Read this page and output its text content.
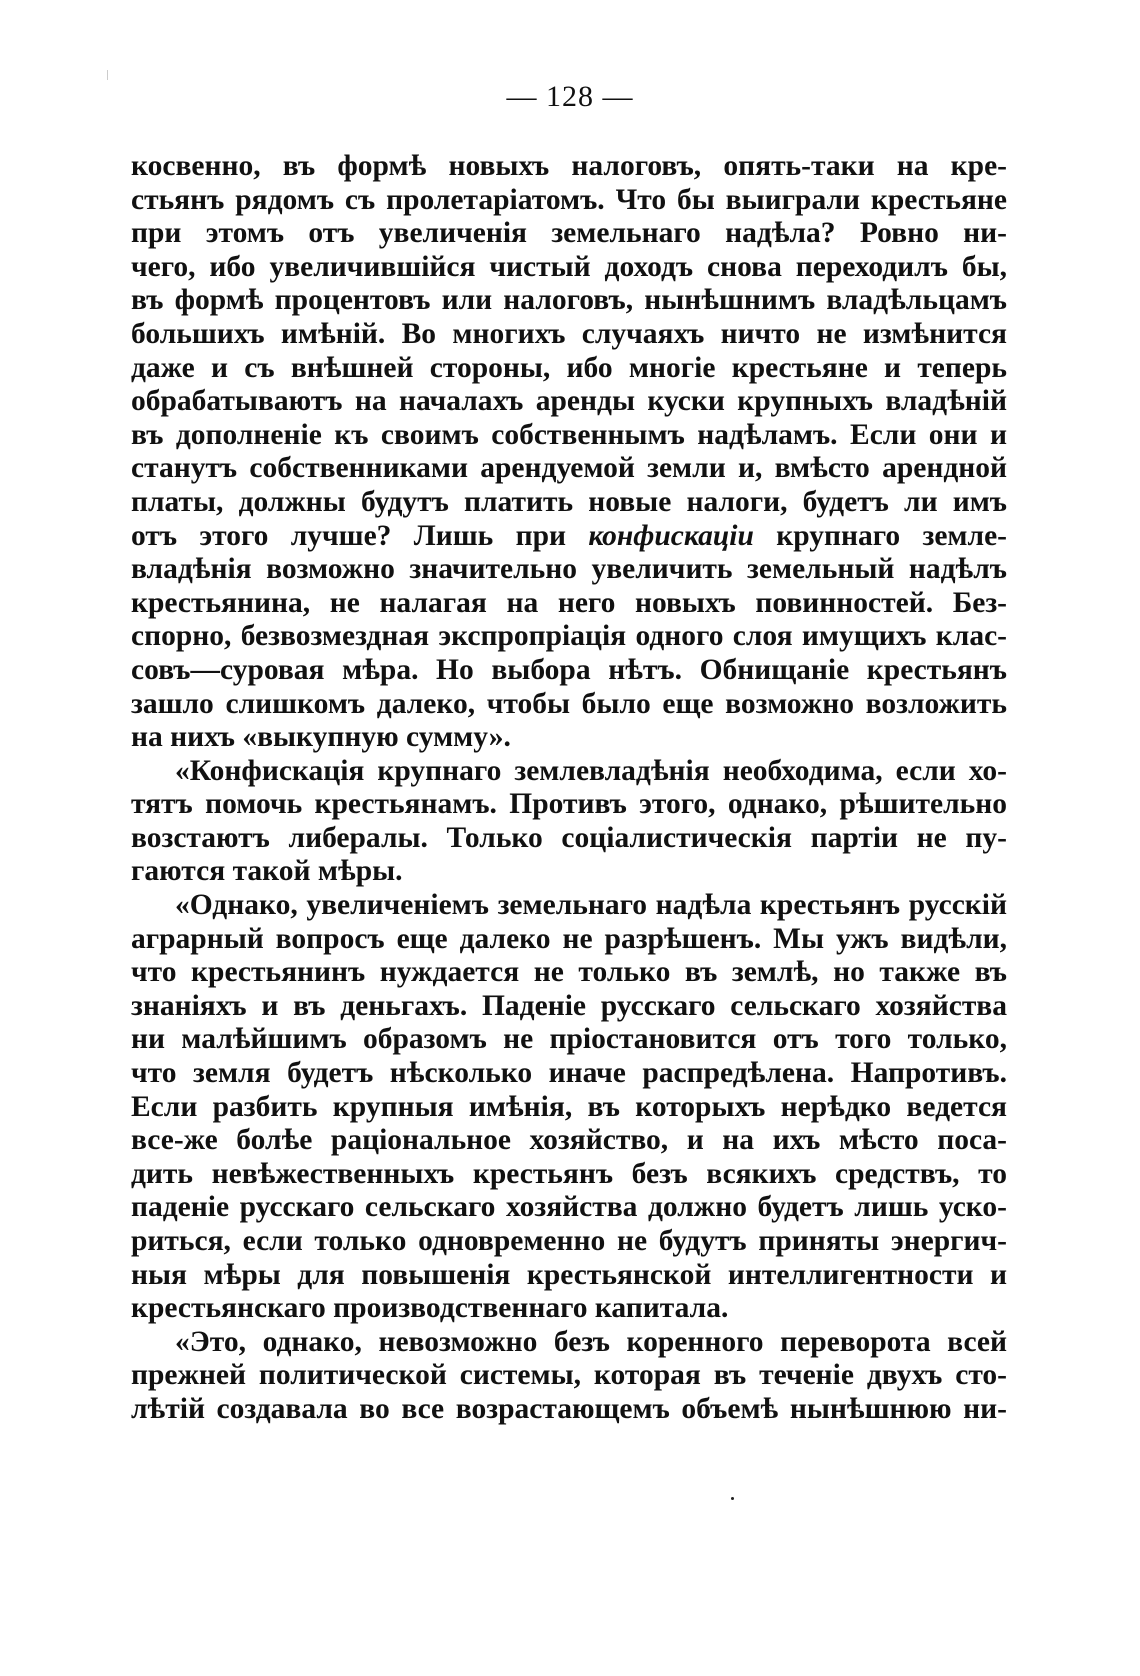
— 128 —
косвенно, въ формѣ новыхъ налоговъ, опять-таки на кре-
стьянъ рядомъ съ пролетаріатомъ. Что бы выиграли крестьяне
при этомъ отъ увеличенія земельнаго надѣла? Ровно ни-
чего, ибо увеличившійся чистый доходъ снова переходилъ бы,
въ формѣ процентовъ или налоговъ, нынѣшнимъ владѣльцамъ
большихъ имѣній. Во многихъ случаяхъ ничто не измѣнится
даже и съ внѣшней стороны, ибо многіе крестьяне и теперь
обрабатываютъ на началахъ аренды куски крупныхъ владѣній
въ дополненіе къ своимъ собственнымъ надѣламъ. Если они и
станутъ собственниками арендуемой земли и, вмѣсто арендной
платы, должны будутъ платить новые налоги, будетъ ли имъ
отъ этого лучше? Лишь при конфискаціи крупнаго земле-
владѣнія возможно значительно увеличить земельный надѣлъ
крестьянина, не налагая на него новыхъ повинностей. Без-
спорно, безвозмездная экспропріація одного слоя имущихъ клас-
совъ—суровая мѣра. Но выбора нѣтъ. Обнищаніе крестьянъ
зашло слишкомъ далеко, чтобы было еще возможно возложить
на нихъ «выкупную сумму».
«Конфискація крупнаго землевладѣнія необходима, если хо-
тятъ помочь крестьянамъ. Противъ этого, однако, рѣшительно
возстаютъ либералы. Только соціалистическія партіи не пу-
гаются такой мѣры.
«Однако, увеличеніемъ земельнаго надѣла крестьянъ русскій
аграрный вопросъ еще далеко не разрѣшенъ. Мы ужъ видѣли,
что крестьянинъ нуждается не только въ землѣ, но также въ
знаніяхъ и въ деньгахъ. Паденіе русскаго сельскаго хозяйства
ни малѣйшимъ образомъ не пріостановится отъ того только,
что земля будетъ нѣсколько иначе распредѣлена. Напротивъ.
Если разбить крупныя имѣнія, въ которыхъ нерѣдко ведется
все-же болѣе раціональное хозяйство, и на ихъ мѣсто поса-
дить невѣжественныхъ крестьянъ безъ всякихъ средствъ, то
паденіе русскаго сельскаго хозяйства должно будетъ лишь уско-
риться, если только одновременно не будутъ приняты энергич-
ныя мѣры для повышенія крестьянской интеллигентности и
крестьянскаго производственнаго капитала.
«Это, однако, невозможно безъ коренного переворота всей
прежней политической системы, которая въ теченіе двухъ сто-
лѣтій создавала во все возрастающемъ объемѣ нынѣшнюю ни-
